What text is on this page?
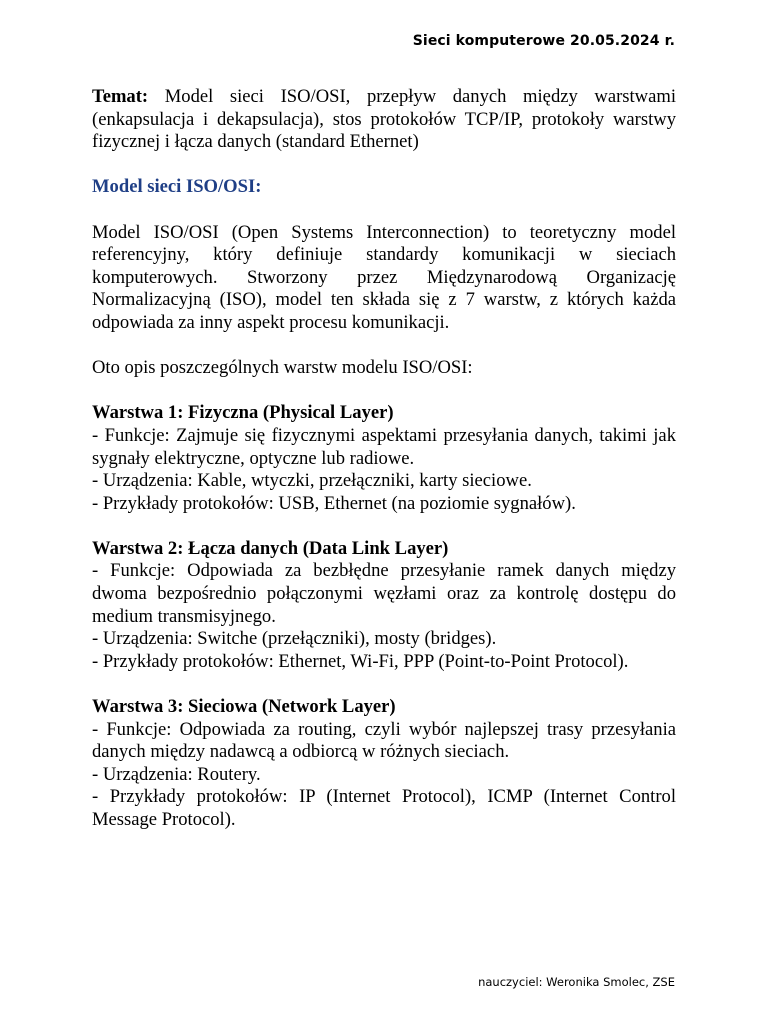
Sieci komputerowe 20.05.2024 r.

Temat: Model sieci ISO/OSI, przepływ danych między warstwami (enkapsulacja i dekapsulacja), stos protokołów TCP/IP, protokoły warstwy fizycznej i łącza danych (standard Ethernet)

Model sieci ISO/OSI:

Model ISO/OSI (Open Systems Interconnection) to teoretyczny model referencyjny, który definiuje standardy komunikacji w sieciach komputerowych. Stworzony przez Międzynarodową Organizację Normalizacyjną (ISO), model ten składa się z 7 warstw, z których każda odpowiada za inny aspekt procesu komunikacji.

Oto opis poszczególnych warstw modelu ISO/OSI:

Warstwa 1: Fizyczna (Physical Layer)

- Funkcje: Zajmuje się fizycznymi aspektami przesyłania danych, takimi jak sygnały elektryczne, optyczne lub radiowe.

- Urządzenia: Kable, wtyczki, przełączniki, karty sieciowe.

- Przykłady protokołów: USB, Ethernet (na poziomie sygnałów).

Warstwa 2: Łącza danych (Data Link Layer)

- Funkcje: Odpowiada za bezbłędne przesyłanie ramek danych między dwoma bezpośrednio połączonymi węzłami oraz za kontrolę dostępu do medium transmisyjnego.

- Urządzenia: Switche (przełączniki), mosty (bridges).

- Przykłady protokołów: Ethernet, Wi-Fi, PPP (Point-to-Point Protocol).

Warstwa 3: Sieciowa (Network Layer)

- Funkcje: Odpowiada za routing, czyli wybór najlepszej trasy przesyłania danych między nadawcą a odbiorcą w różnych sieciach.

- Urządzenia: Routery.

- Przykłady protokołów: IP (Internet Protocol), ICMP (Internet Control Message Protocol).

nauczyciel: Weronika Smolec, ZSE
